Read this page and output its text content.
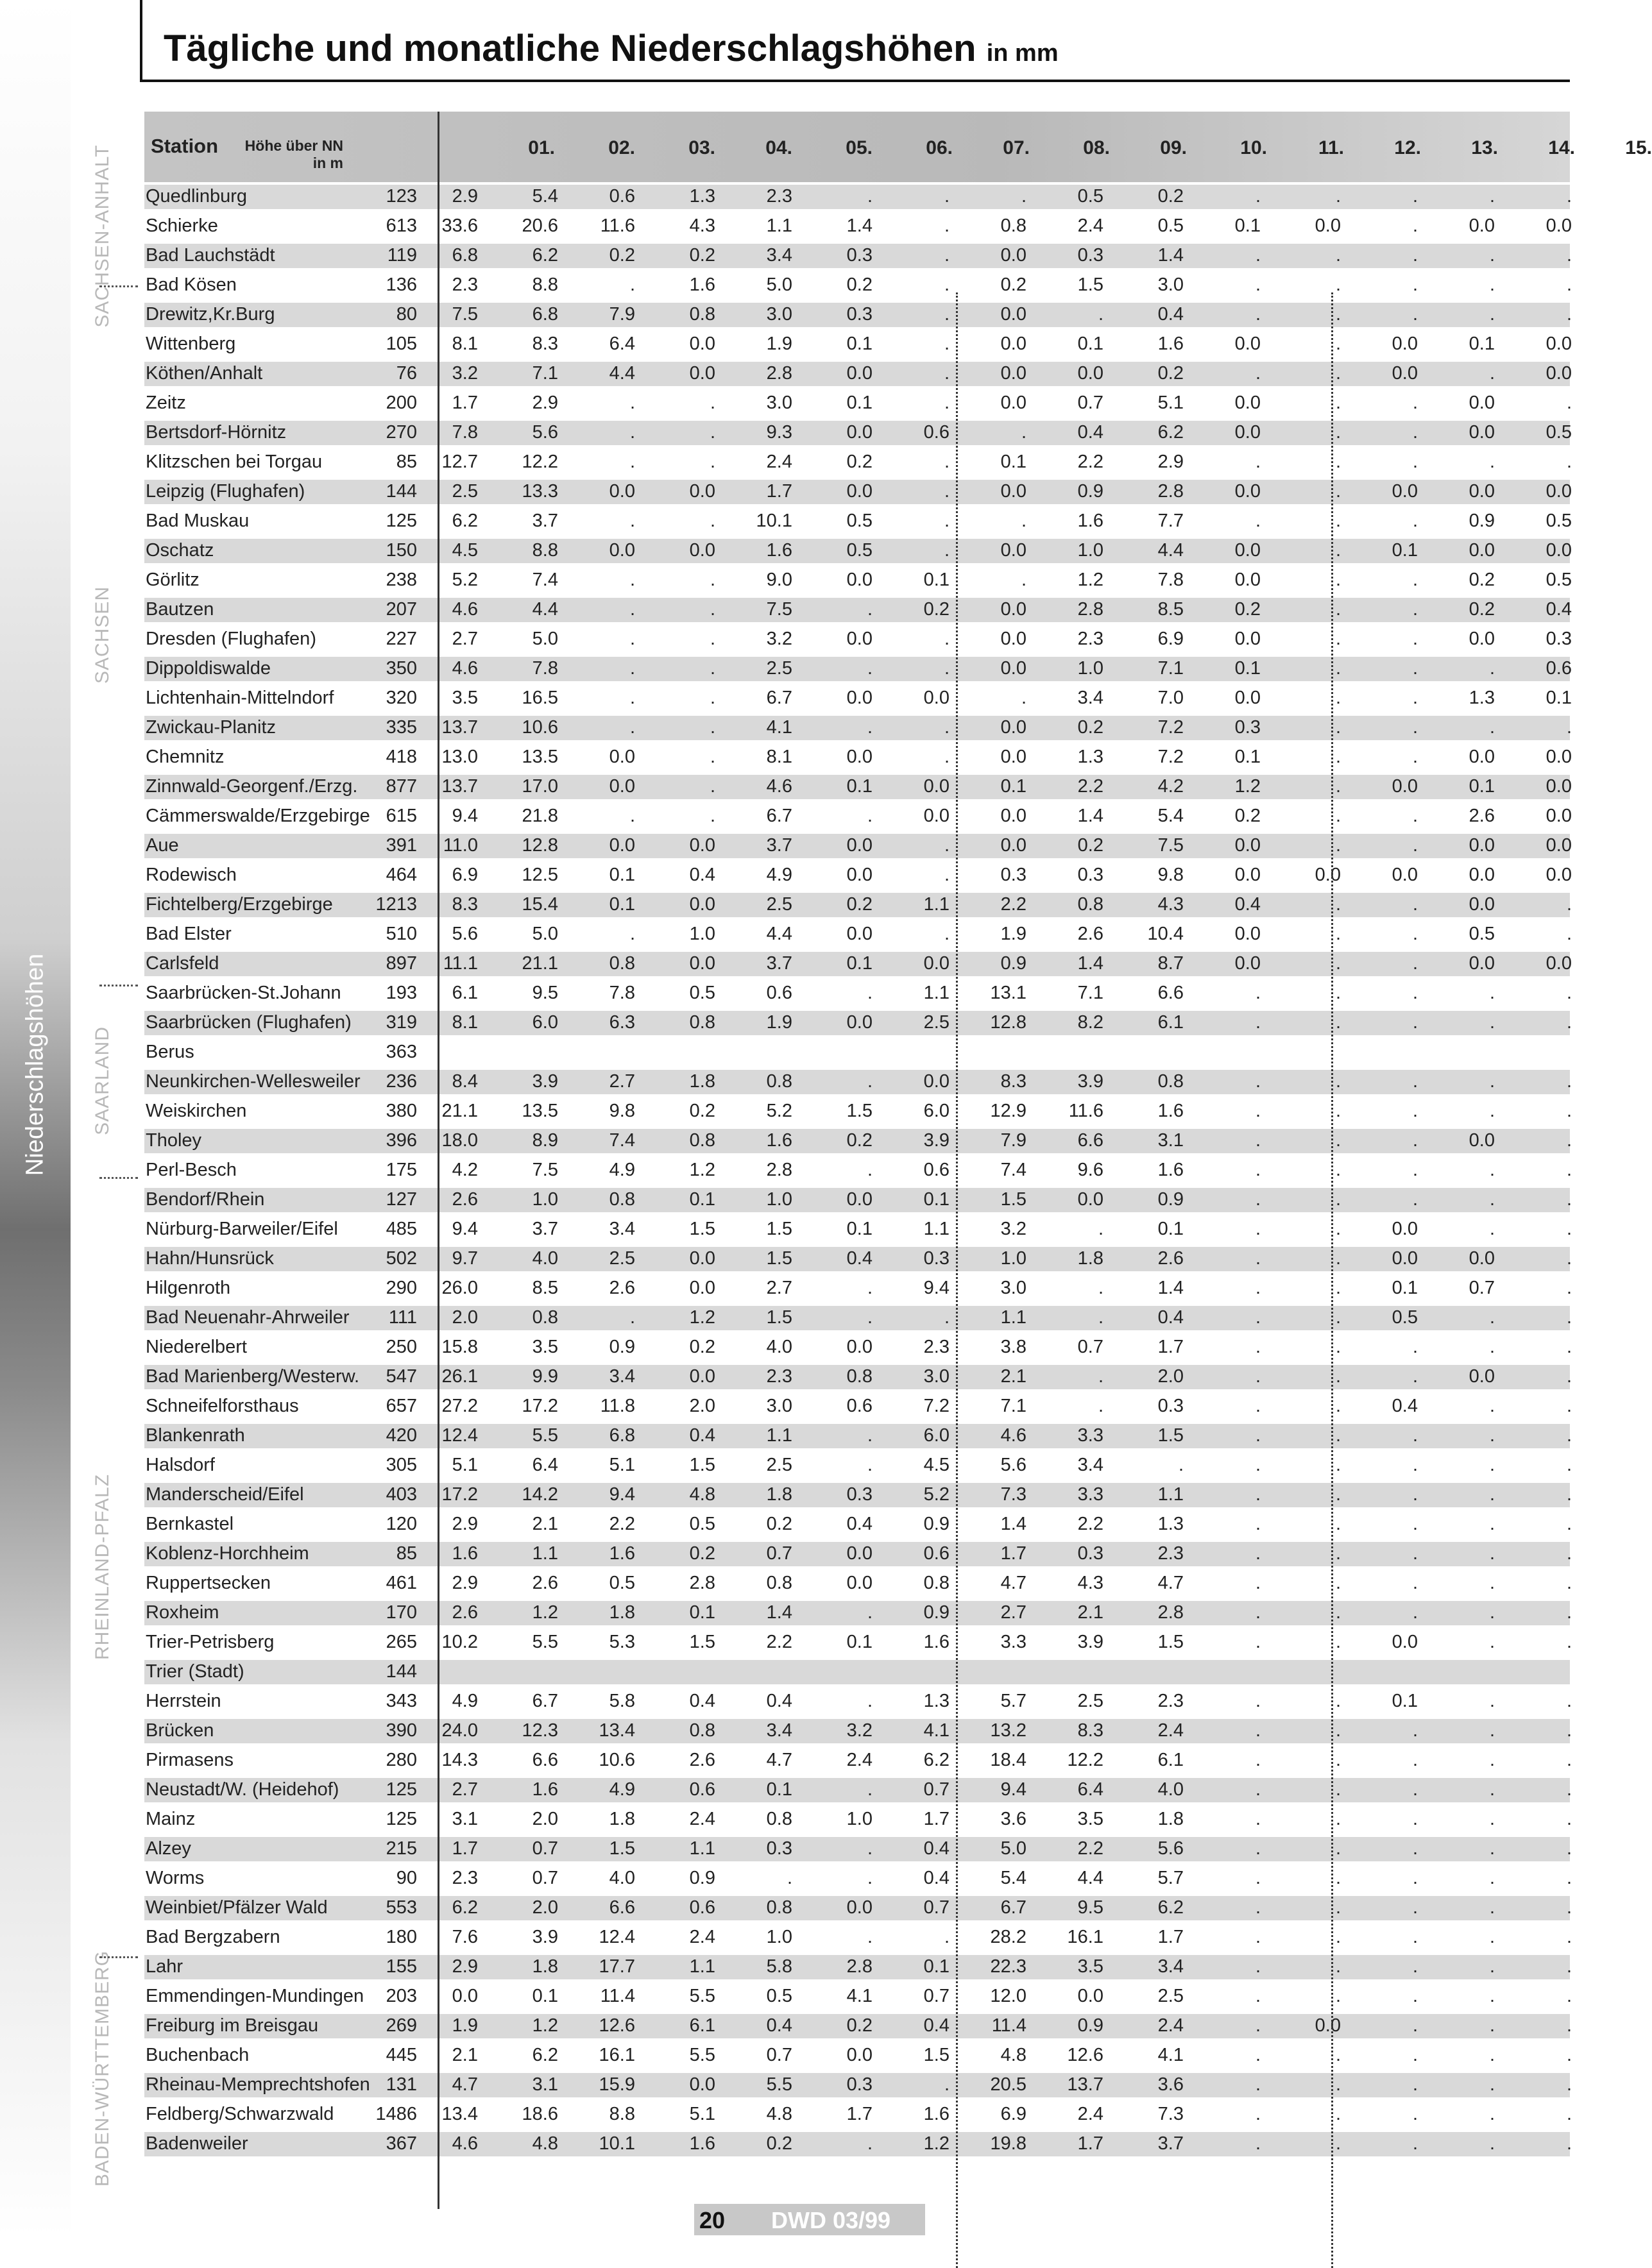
Niederschlagshöhen
Tägliche und monatliche Niederschlagshöhen in mm
SACHSEN-ANHALT
SACHSEN
SAARLAND
RHEINLAND-PFALZ
BADEN-WÜRTTEMBERG
Station	Höhe über NN
in m
01.	02.	03.	04.	05.	06.	07.	08.	09.	10.	11.	12.	13.	14.	15.
Quedlinburg	123	2.9	5.4	0.6	1.3	2.3	.	.	.	0.5	0.2	.	.	.	.	.
Schierke	613	33.6	20.6	11.6	4.3	1.1	1.4	.	0.8	2.4	0.5	0.1	0.0	.	0.0	0.0
Bad Lauchstädt	119	6.8	6.2	0.2	0.2	3.4	0.3	.	0.0	0.3	1.4	.	.	.	.	.
Bad Kösen	136	2.3	8.8	.	1.6	5.0	0.2	.	0.2	1.5	3.0	.	.	.	.	.
Drewitz,Kr.Burg	80	7.5	6.8	7.9	0.8	3.0	0.3	.	0.0	.	0.4	.	.	.	.	.
Wittenberg	105	8.1	8.3	6.4	0.0	1.9	0.1	.	0.0	0.1	1.6	0.0	.	0.0	0.1	0.0
Köthen/Anhalt	76	3.2	7.1	4.4	0.0	2.8	0.0	.	0.0	0.0	0.2	.	.	0.0	.	0.0
Zeitz	200	1.7	2.9	.	.	3.0	0.1	.	0.0	0.7	5.1	0.0	.	.	0.0	.
Bertsdorf-Hörnitz	270	7.8	5.6	.	.	9.3	0.0	0.6	.	0.4	6.2	0.0	.	.	0.0	0.5
Klitzschen bei Torgau	85	12.7	12.2	.	.	2.4	0.2	.	0.1	2.2	2.9	.	.	.	.	.
Leipzig (Flughafen)	144	2.5	13.3	0.0	0.0	1.7	0.0	.	0.0	0.9	2.8	0.0	.	0.0	0.0	0.0
Bad Muskau	125	6.2	3.7	.	.	10.1	0.5	.	.	1.6	7.7	.	.	.	0.9	0.5
Oschatz	150	4.5	8.8	0.0	0.0	1.6	0.5	.	0.0	1.0	4.4	0.0	.	0.1	0.0	0.0
Görlitz	238	5.2	7.4	.	.	9.0	0.0	0.1	.	1.2	7.8	0.0	.	.	0.2	0.5
Bautzen	207	4.6	4.4	.	.	7.5	.	0.2	0.0	2.8	8.5	0.2	.	.	0.2	0.4
Dresden (Flughafen)	227	2.7	5.0	.	.	3.2	0.0	.	0.0	2.3	6.9	0.0	.	.	0.0	0.3
Dippoldiswalde	350	4.6	7.8	.	.	2.5	.	.	0.0	1.0	7.1	0.1	.	.	.	0.6
Lichtenhain-Mittelndorf	320	3.5	16.5	.	.	6.7	0.0	0.0	.	3.4	7.0	0.0	.	.	1.3	0.1
Zwickau-Planitz	335	13.7	10.6	.	.	4.1	.	.	0.0	0.2	7.2	0.3	.	.	.	.
Chemnitz	418	13.0	13.5	0.0	.	8.1	0.0	.	0.0	1.3	7.2	0.1	.	.	0.0	0.0
Zinnwald-Georgenf./Erzg.	877	13.7	17.0	0.0	.	4.6	0.1	0.0	0.1	2.2	4.2	1.2	.	0.0	0.1	0.0
Cämmerswalde/Erzgebirge 615	9.4	21.8	.	.	6.7	.	0.0	0.0	1.4	5.4	0.2	.	.	2.6	0.0
Aue	391	11.0	12.8	0.0	0.0	3.7	0.0	.	0.0	0.2	7.5	0.0	.	.	0.0	0.0
Rodewisch	464	6.9	12.5	0.1	0.4	4.9	0.0	.	0.3	0.3	9.8	0.0	0.0	0.0	0.0	0.0
Fichtelberg/Erzgebirge	1213	8.3	15.4	0.1	0.0	2.5	0.2	1.1	2.2	0.8	4.3	0.4	.	.	0.0	.
Bad Elster	510	5.6	5.0	.	1.0	4.4	0.0	.	1.9	2.6	10.4	0.0	.	.	0.5	.
Carlsfeld	897	11.1	21.1	0.8	0.0	3.7	0.1	0.0	0.9	1.4	8.7	0.0	.	.	0.0	0.0
Saarbrücken-St.Johann	193	6.1	9.5	7.8	0.5	0.6	.	1.1	13.1	7.1	6.6	.	.	.	.	.
Saarbrücken (Flughafen)	319	8.1	6.0	6.3	0.8	1.9	0.0	2.5	12.8	8.2	6.1	.	.	.	.	.
Berus	363
Neunkirchen-Wellesweiler	236	8.4	3.9	2.7	1.8	0.8	.	0.0	8.3	3.9	0.8	.	.	.	.	.
Weiskirchen	380	21.1	13.5	9.8	0.2	5.2	1.5	6.0	12.9	11.6	1.6	.	.	.	.	.
Tholey	396	18.0	8.9	7.4	0.8	1.6	0.2	3.9	7.9	6.6	3.1	.	.	.	0.0	.
Perl-Besch	175	4.2	7.5	4.9	1.2	2.8	.	0.6	7.4	9.6	1.6	.	.	.	.	.
Bendorf/Rhein	127	2.6	1.0	0.8	0.1	1.0	0.0	0.1	1.5	0.0	0.9	.	.	.	.	.
Nürburg-Barweiler/Eifel	485	9.4	3.7	3.4	1.5	1.5	0.1	1.1	3.2	.	0.1	.	.	0.0	.	.
Hahn/Hunsrück	502	9.7	4.0	2.5	0.0	1.5	0.4	0.3	1.0	1.8	2.6	.	.	0.0	0.0	.
Hilgenroth	290	26.0	8.5	2.6	0.0	2.7	.	9.4	3.0	.	1.4	.	.	0.1	0.7	.
Bad Neuenahr-Ahrweiler	111	2.0	0.8	.	1.2	1.5	.	.	1.1	.	0.4	.	.	0.5	.	.
Niederelbert	250	15.8	3.5	0.9	0.2	4.0	0.0	2.3	3.8	0.7	1.7	.	.	.	.	.
Bad Marienberg/Westerw.	547	26.1	9.9	3.4	0.0	2.3	0.8	3.0	2.1	.	2.0	.	.	.	0.0	.
Schneifelforsthaus	657	27.2	17.2	11.8	2.0	3.0	0.6	7.2	7.1	.	0.3	.	.	0.4	.	.
Blankenrath	420	12.4	5.5	6.8	0.4	1.1	.	6.0	4.6	3.3	1.5	.	.	.	.	.
Halsdorf	305	5.1	6.4	5.1	1.5	2.5	.	4.5	5.6	3.4	.	.	.	.	.	.
Manderscheid/Eifel	403	17.2	14.2	9.4	4.8	1.8	0.3	5.2	7.3	3.3	1.1	.	.	.	.	.
Bernkastel	120	2.9	2.1	2.2	0.5	0.2	0.4	0.9	1.4	2.2	1.3	.	.	.	.	.
Koblenz-Horchheim	85	1.6	1.1	1.6	0.2	0.7	0.0	0.6	1.7	0.3	2.3	.	.	.	.	.
Ruppertsecken	461	2.9	2.6	0.5	2.8	0.8	0.0	0.8	4.7	4.3	4.7	.	.	.	.	.
Roxheim	170	2.6	1.2	1.8	0.1	1.4	.	0.9	2.7	2.1	2.8	.	.	.	.	.
Trier-Petrisberg	265	10.2	5.5	5.3	1.5	2.2	0.1	1.6	3.3	3.9	1.5	.	.	0.0	.	.
Trier (Stadt)	144
Herrstein	343	4.9	6.7	5.8	0.4	0.4	.	1.3	5.7	2.5	2.3	.	.	0.1	.	.
Brücken	390	24.0	12.3	13.4	0.8	3.4	3.2	4.1	13.2	8.3	2.4	.	.	.	.	.
Pirmasens	280	14.3	6.6	10.6	2.6	4.7	2.4	6.2	18.4	12.2	6.1	.	.	.	.	.
Neustadt/W. (Heidehof)	125	2.7	1.6	4.9	0.6	0.1	.	0.7	9.4	6.4	4.0	.	.	.	.	.
Mainz	125	3.1	2.0	1.8	2.4	0.8	1.0	1.7	3.6	3.5	1.8	.	.	.	.	.
Alzey	215	1.7	0.7	1.5	1.1	0.3	.	0.4	5.0	2.2	5.6	.	.	.	.	.
Worms	90	2.3	0.7	4.0	0.9	.	.	0.4	5.4	4.4	5.7	.	.	.	.	.
Weinbiet/Pfälzer Wald	553	6.2	2.0	6.6	0.6	0.8	0.0	0.7	6.7	9.5	6.2	.	.	.	.	.
Bad Bergzabern	180	7.6	3.9	12.4	2.4	1.0	.	.	28.2	16.1	1.7	.	.	.	.	.
Lahr	155	2.9	1.8	17.7	1.1	5.8	2.8	0.1	22.3	3.5	3.4	.	.	.	.	.
Emmendingen-Mundingen	203	0.0	0.1	11.4	5.5	0.5	4.1	0.7	12.0	0.0	2.5	.	.	.	.	.
Freiburg im Breisgau	269	1.9	1.2	12.6	6.1	0.4	0.2	0.4	11.4	0.9	2.4	.	0.0	.	.	.
Buchenbach	445	2.1	6.2	16.1	5.5	0.7	0.0	1.5	4.8	12.6	4.1	.	.	.	.	.
Rheinau-Memprechtshofen 131	4.7	3.1	15.9	0.0	5.5	0.3	.	20.5	13.7	3.6	.	.	.	.	.
Feldberg/Schwarzwald	1486	13.4	18.6	8.8	5.1	4.8	1.7	1.6	6.9	2.4	7.3	.	.	.	.	.
Badenweiler	367	4.6	4.8	10.1	1.6	0.2	.	1.2	19.8	1.7	3.7	.	.	.	.	.
20 DWD 03/99
